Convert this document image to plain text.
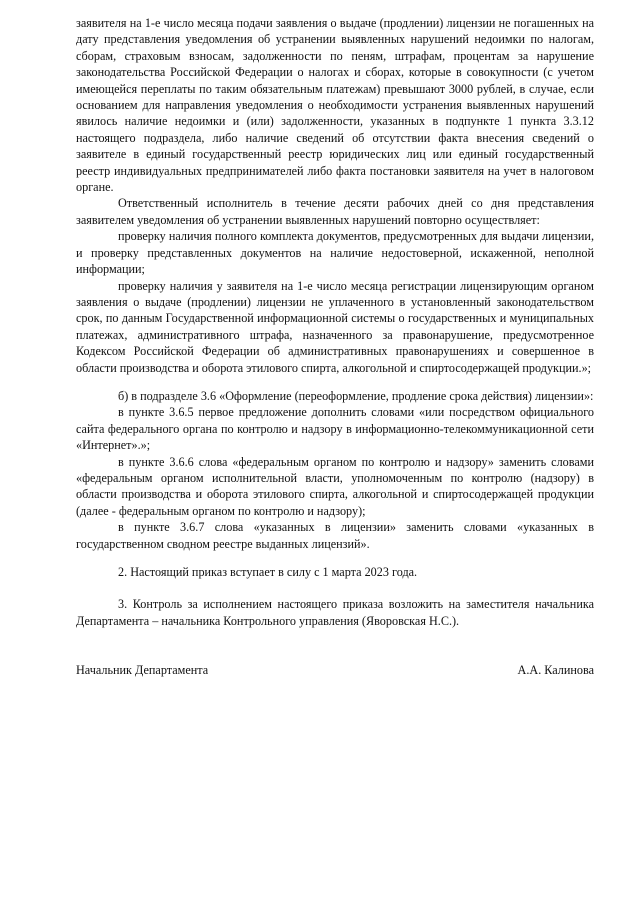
заявителя на 1-е число месяца подачи заявления о выдаче (продлении) лицензии не погашенных на дату представления уведомления об устранении выявленных нарушений недоимки по налогам, сборам, страховым взносам, задолженности по пеням, штрафам, процентам за нарушение законодательства Российской Федерации о налогах и сборах, которые в совокупности (с учетом имеющейся переплаты по таким обязательным платежам) превышают 3000 рублей, в случае, если основанием для направления уведомления о необходимости устранения выявленных нарушений явилось наличие недоимки и (или) задолженности, указанных в подпункте 1 пункта 3.3.12 настоящего подраздела, либо наличие сведений об отсутствии факта внесения сведений о заявителе в единый государственный реестр юридических лиц или единый государственный реестр индивидуальных предпринимателей либо факта постановки заявителя на учет в налоговом органе.

Ответственный исполнитель в течение десяти рабочих дней со дня представления заявителем уведомления об устранении выявленных нарушений повторно осуществляет:

проверку наличия полного комплекта документов, предусмотренных для выдачи лицензии, и проверку представленных документов на наличие недостоверной, искаженной, неполной информации;

проверку наличия у заявителя на 1-е число месяца регистрации лицензирующим органом заявления о выдаче (продлении) лицензии не уплаченного в установленный законодательством срок, по данным Государственной информационной системы о государственных и муниципальных платежах, административного штрафа, назначенного за правонарушение, предусмотренное Кодексом Российской Федерации об административных правонарушениях и совершенное в области производства и оборота этилового спирта, алкогольной и спиртосодержащей продукции.»;

б) в подразделе 3.6 «Оформление (переоформление, продление срока действия) лицензии»:

в пункте 3.6.5 первое предложение дополнить словами «или посредством официального сайта федерального органа по контролю и надзору в информационно-телекоммуникационной сети «Интернет».»;

в пункте 3.6.6 слова «федеральным органом по контролю и надзору» заменить словами «федеральным органом исполнительной власти, уполномоченным по контролю (надзору) в области производства и оборота этилового спирта, алкогольной и спиртосодержащей продукции (далее - федеральным органом по контролю и надзору);

в пункте 3.6.7 слова «указанных в лицензии» заменить словами «указанных в государственном сводном реестре выданных лицензий».

2. Настоящий приказ вступает в силу с 1 марта 2023 года.

3. Контроль за исполнением настоящего приказа возложить на заместителя начальника Департамента – начальника Контрольного управления (Яворовская Н.С.).

Начальник Департамента	А.А. Калинова
